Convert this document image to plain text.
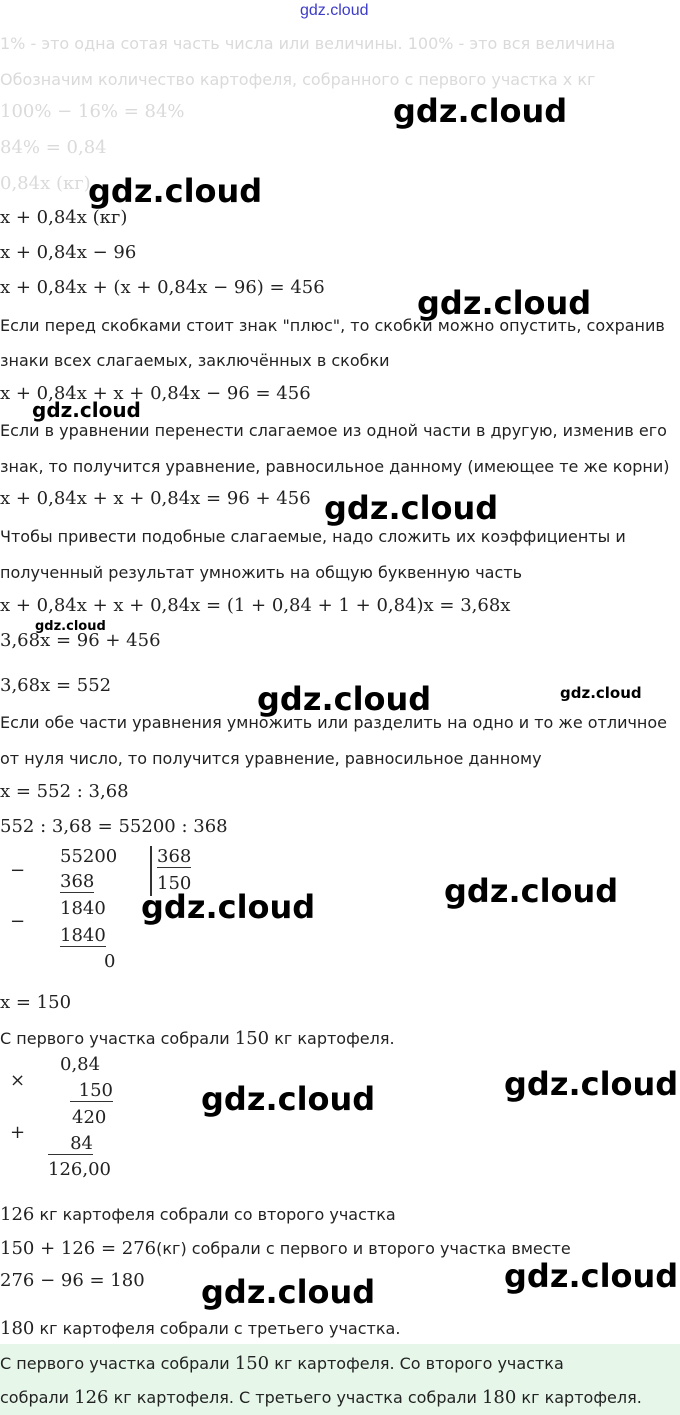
gdz.cloud
1% - это одна сотая часть числа или величины. 100% - это вся величина
Обозначим количество картофеля, собранного с первого участка x кг
100% − 16% = 84%
84% = 0,84
0,84x (кг)
x + 0,84x (кг)
x + 0,84x − 96
x + 0,84x + (x + 0,84x − 96) = 456
Если перед скобками стоит знак "плюс", то скобки можно опустить, сохранив
знаки всех слагаемых, заключённых в скобки
x + 0,84x + x + 0,84x − 96 = 456
Если в уравнении перенести слагаемое из одной части в другую, изменив его
знак, то получится уравнение, равносильное данному (имеющее те же корни)
x + 0,84x + x + 0,84x = 96 + 456
Чтобы привести подобные слагаемые, надо сложить их коэффициенты и
полученный результат умножить на общую буквенную часть
x + 0,84x + x + 0,84x = (1 + 0,84 + 1 + 0,84)x = 3,68x
3,68x = 96 + 456
3,68x = 552
Если обе части уравнения умножить или разделить на одно и то же отличное
от нуля число, то получится уравнение, равносильное данному
x = 552 : 3,68
552 : 3,68 = 55200 : 368
−
55200
368
−
1840
1840
0
368
150
x = 150
С первого участка собрали 150 кг картофеля.
×
0,84
150
420
+
84
126,00
126 кг картофеля собрали со второго участка
150 + 126 = 276(кг) собрали с первого и второго участка вместе
276 − 96 = 180
180 кг картофеля собрали с третьего участка.
С первого участка собрали 150 кг картофеля. Со второго участка
собрали 126 кг картофеля. С третьего участка собрали 180 кг картофеля.
gdz.cloud
gdz.cloud
gdz.cloud
gdz.cloud
gdz.cloud
gdz.cloud
gdz.cloud	gdz.cloud
gdz.cloud
gdz.cloud
gdz.cloud
gdz.cloud
gdz.cloud
gdz.cloud
